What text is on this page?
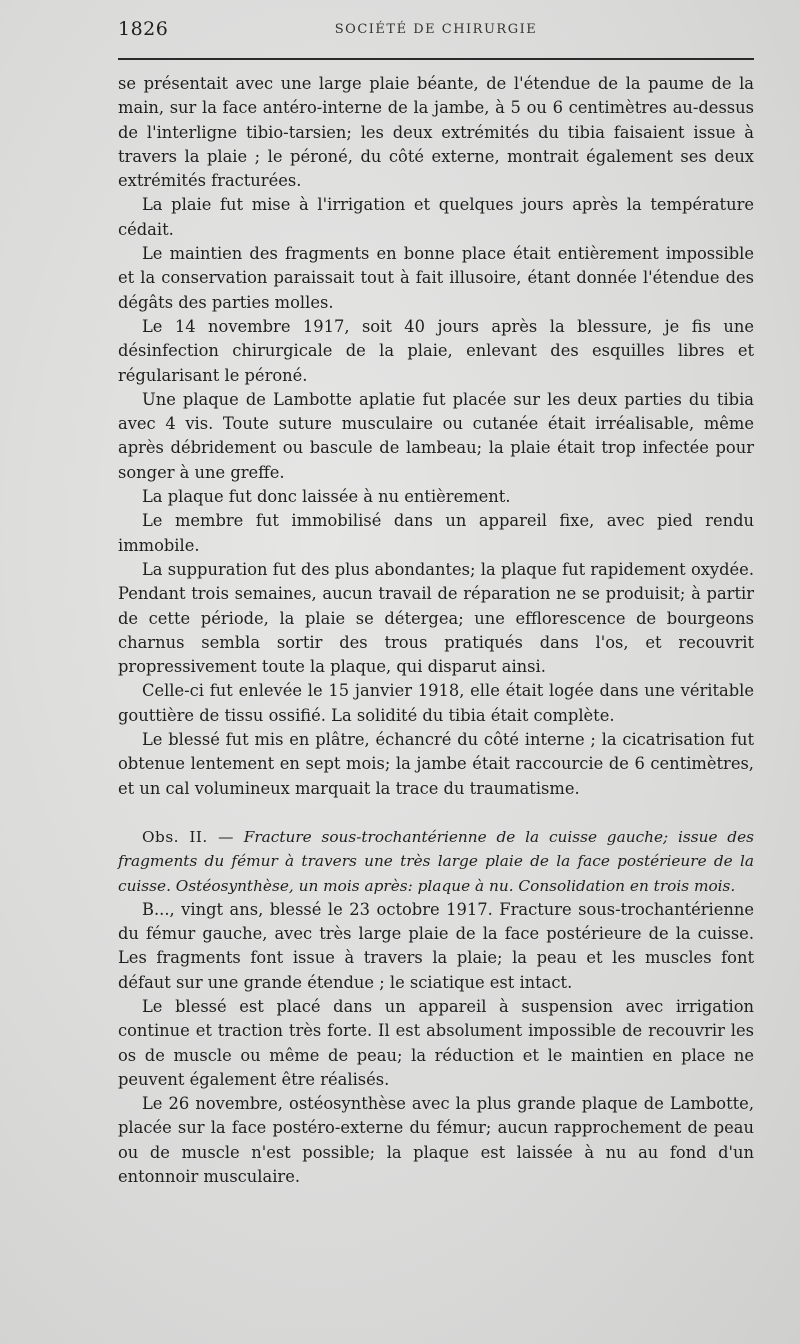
1826	SOCIÉTÉ DE CHIRURGIE

se présentait avec une large plaie béante, de l'étendue de la paume de la main, sur la face antéro-interne de la jambe, à 5 ou 6 centimètres au-dessus de l'interligne tibio-tarsien; les deux extrémités du tibia faisaient issue à travers la plaie ; le péroné, du côté externe, montrait également ses deux extrémités fracturées.

La plaie fut mise à l'irrigation et quelques jours après la température cédait.

Le maintien des fragments en bonne place était entièrement impossible et la conservation paraissait tout à fait illusoire, étant donnée l'étendue des dégâts des parties molles.

Le 14 novembre 1917, soit 40 jours après la blessure, je fis une désinfection chirurgicale de la plaie, enlevant des esquilles libres et régularisant le péroné.

Une plaque de Lambotte aplatie fut placée sur les deux parties du tibia avec 4 vis. Toute suture musculaire ou cutanée était irréalisable, même après débridement ou bascule de lambeau; la plaie était trop infectée pour songer à une greffe.

La plaque fut donc laissée à nu entièrement.

Le membre fut immobilisé dans un appareil fixe, avec pied rendu immobile.

La suppuration fut des plus abondantes; la plaque fut rapidement oxydée. Pendant trois semaines, aucun travail de réparation ne se produisit; à partir de cette période, la plaie se détergea; une efflorescence de bourgeons charnus sembla sortir des trous pratiqués dans l'os, et recouvrit propressivement toute la plaque, qui disparut ainsi.

Celle-ci fut enlevée le 15 janvier 1918, elle était logée dans une véritable gouttière de tissu ossifié. La solidité du tibia était complète.

Le blessé fut mis en plâtre, échancré du côté interne ; la cicatrisation fut obtenue lentement en sept mois; la jambe était raccourcie de 6 centimètres, et un cal volumineux marquait la trace du traumatisme.

Obs. II. — Fracture sous-trochantérienne de la cuisse gauche; issue des fragments du fémur à travers une très large plaie de la face postérieure de la cuisse. Ostéosynthèse, un mois après: plaque à nu. Consolidation en trois mois.

B..., vingt ans, blessé le 23 octobre 1917. Fracture sous-trochantérienne du fémur gauche, avec très large plaie de la face postérieure de la cuisse. Les fragments font issue à travers la plaie; la peau et les muscles font défaut sur une grande étendue ; le sciatique est intact.

Le blessé est placé dans un appareil à suspension avec irrigation continue et traction très forte. Il est absolument impossible de recouvrir les os de muscle ou même de peau; la réduction et le maintien en place ne peuvent également être réalisés.

Le 26 novembre, ostéosynthèse avec la plus grande plaque de Lambotte, placée sur la face postéro-externe du fémur; aucun rapprochement de peau ou de muscle n'est possible; la plaque est laissée à nu au fond d'un entonnoir musculaire.
